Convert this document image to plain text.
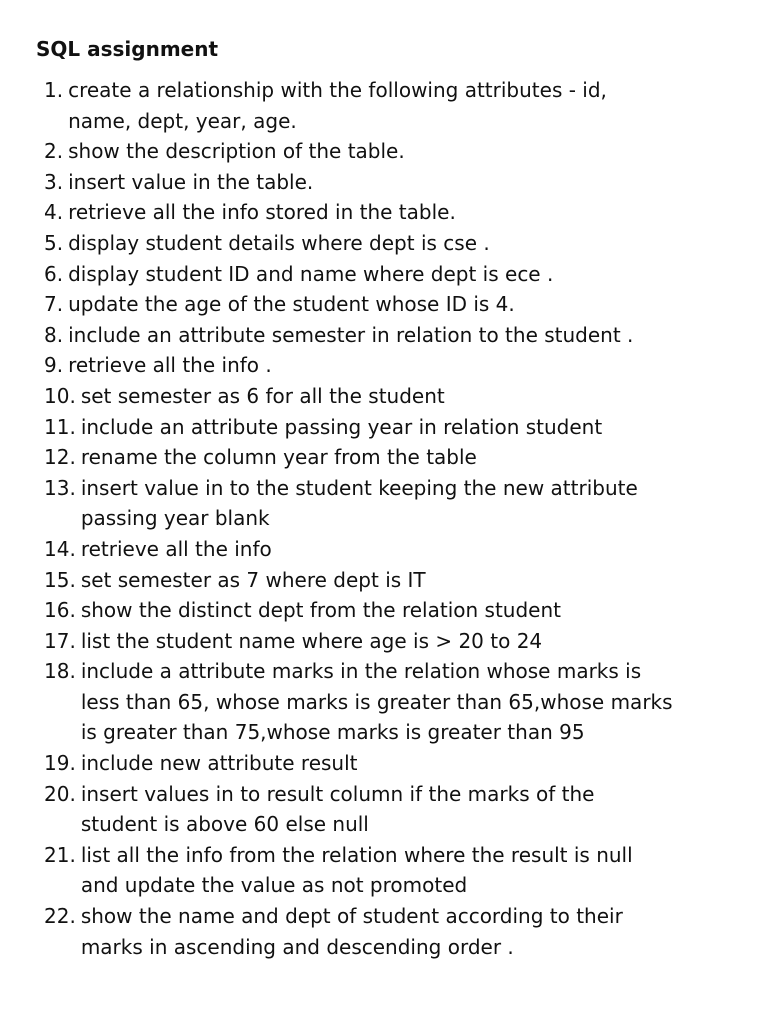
SQL assignment
1. create a relationship with the following attributes - id,
name, dept, year, age.
2. show the description of the table.
3. insert value in the table.
4. retrieve all the info stored in the table.
5. display student details where dept is cse .
6. display student ID and name where dept is ece .
7. update the age of the student whose ID is 4.
8. include an attribute semester in relation to the student .
9. retrieve all the info .
10. set semester as 6 for all the student
11. include an attribute passing year in relation student
12. rename the column year from the table
13. insert value in to the student keeping the new attribute
passing year blank
14. retrieve all the info
15. set semester as 7 where dept is IT
16. show the distinct dept from the relation student
17. list the student name where age is > 20 to 24
18. include a attribute marks in the relation whose marks is
less than 65, whose marks is greater than 65,whose marks
is greater than 75,whose marks is greater than 95
19. include new attribute result
20. insert values in to result column if the marks of the
student is above 60 else null
21. list all the info from the relation where the result is null
and update the value as not promoted
22. show the name and dept of student according to their
marks in ascending and descending order .
